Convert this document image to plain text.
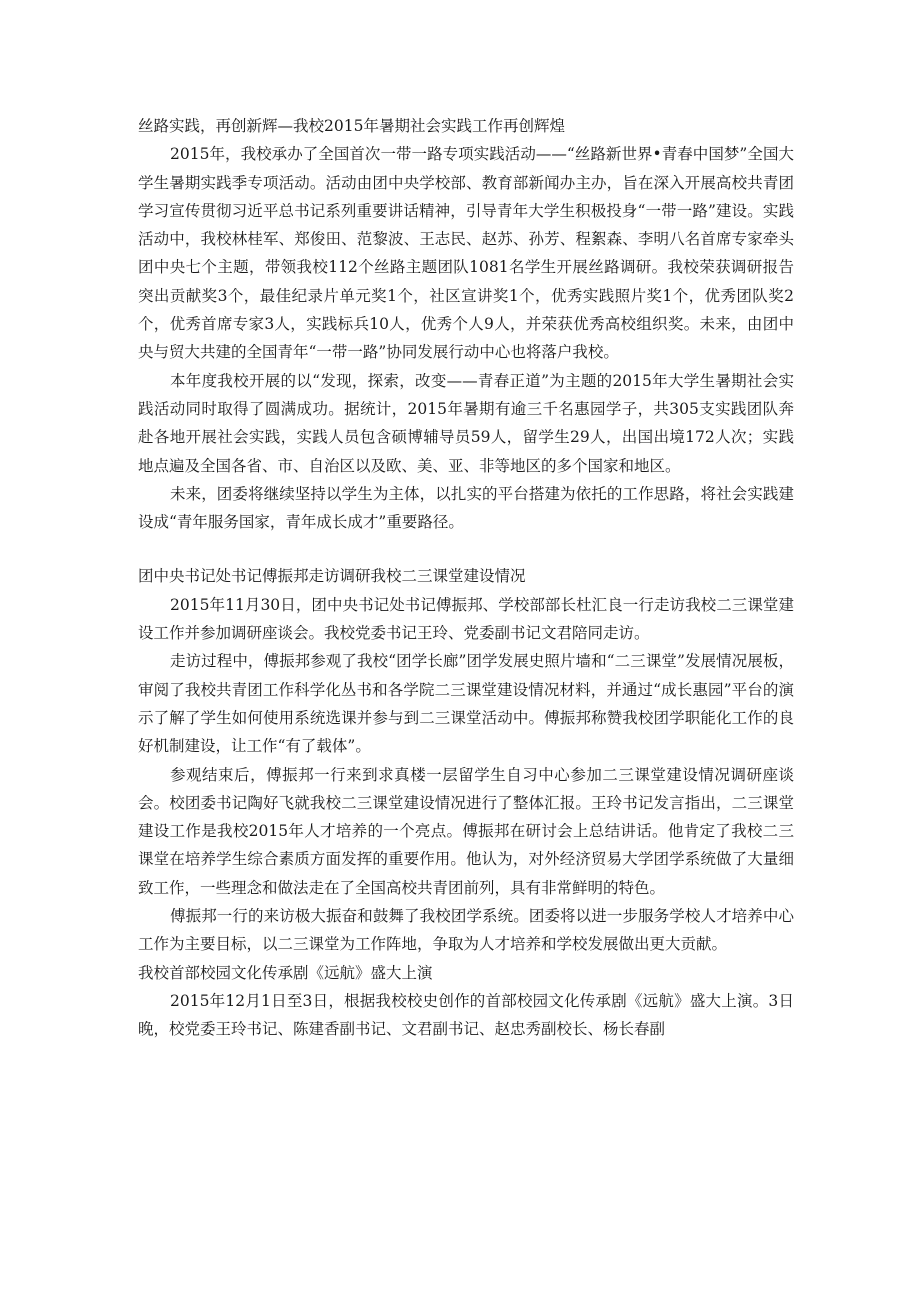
丝路实践，再创新辉—我校2015年暑期社会实践工作再创辉煌

2015年，我校承办了全国首次一带一路专项实践活动——“丝路新世界•青春中国梦”全国大学生暑期实践季专项活动。活动由团中央学校部、教育部新闻办主办，旨在深入开展高校共青团学习宣传贯彻习近平总书记系列重要讲话精神，引导青年大学生积极投身“一带一路”建设。实践活动中，我校林桂军、郑俊田、范黎波、王志民、赵苏、孙芳、程絮森、李明八名首席专家牵头团中央七个主题，带领我校112个丝路主题团队1081名学生开展丝路调研。我校荣获调研报告突出贡献奖3个，最佳纪录片单元奖1个，社区宣讲奖1个，优秀实践照片奖1个，优秀团队奖2个，优秀首席专家3人，实践标兵10人，优秀个人9人，并荣获优秀高校组织奖。未来，由团中央与贸大共建的全国青年“一带一路”协同发展行动中心也将落户我校。

本年度我校开展的以“发现，探索，改变——青春正道”为主题的2015年大学生暑期社会实践活动同时取得了圆满成功。据统计，2015年暑期有逾三千名惠园学子，共305支实践团队奔赴各地开展社会实践，实践人员包含硕博辅导员59人，留学生29人，出国出境172人次；实践地点遍及全国各省、市、自治区以及欧、美、亚、非等地区的多个国家和地区。

未来，团委将继续坚持以学生为主体，以扎实的平台搭建为依托的工作思路，将社会实践建设成“青年服务国家，青年成长成才”重要路径。

团中央书记处书记傅振邦走访调研我校二三课堂建设情况

2015年11月30日，团中央书记处书记傅振邦、学校部部长杜汇良一行走访我校二三课堂建设工作并参加调研座谈会。我校党委书记王玲、党委副书记文君陪同走访。

走访过程中，傅振邦参观了我校“团学长廊”团学发展史照片墙和“二三课堂”发展情况展板，审阅了我校共青团工作科学化丛书和各学院二三课堂建设情况材料，并通过“成长惠园”平台的演示了解了学生如何使用系统选课并参与到二三课堂活动中。傅振邦称赞我校团学职能化工作的良好机制建设，让工作“有了载体”。

参观结束后，傅振邦一行来到求真楼一层留学生自习中心参加二三课堂建设情况调研座谈会。校团委书记陶好飞就我校二三课堂建设情况进行了整体汇报。王玲书记发言指出，二三课堂建设工作是我校2015年人才培养的一个亮点。傅振邦在研讨会上总结讲话。他肯定了我校二三课堂在培养学生综合素质方面发挥的重要作用。他认为，对外经济贸易大学团学系统做了大量细致工作，一些理念和做法走在了全国高校共青团前列，具有非常鲜明的特色。

傅振邦一行的来访极大振奋和鼓舞了我校团学系统。团委将以进一步服务学校人才培养中心工作为主要目标，以二三课堂为工作阵地，争取为人才培养和学校发展做出更大贡献。

我校首部校园文化传承剧《远航》盛大上演

2015年12月1日至3日，根据我校校史创作的首部校园文化传承剧《远航》盛大上演。3日晚，校党委王玲书记、陈建香副书记、文君副书记、赵忠秀副校长、杨长春副
